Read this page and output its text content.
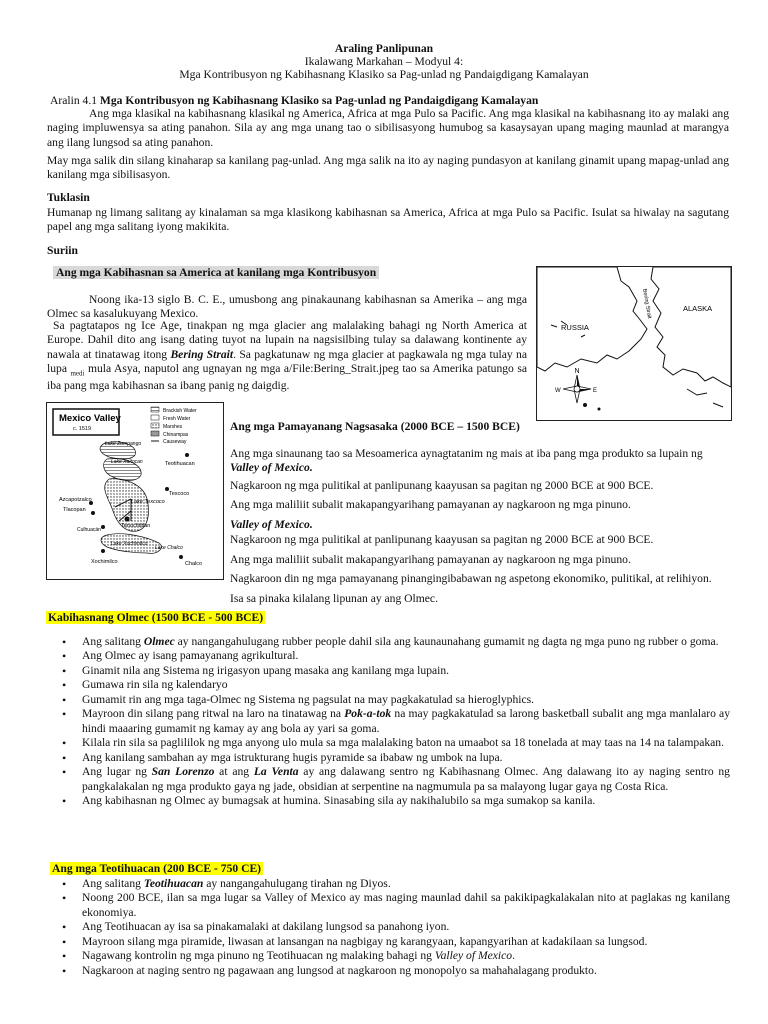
Araling Panlipunan
Ikalawang Markahan – Modyul 4:
Mga Kontribusyon ng Kabihasnang Klasiko sa Pag-unlad ng Pandaigdigang Kamalayan
Aralin 4.1 Mga Kontribusyon ng Kabihasnang Klasiko sa Pag-unlad ng Pandaigdigang Kamalayan

Ang mga klasikal na kabihasnang klasikal ng America, Africa at mga Pulo sa Pacific. Ang mga klasikal na kabihasnang ito ay malaki ang naging impluwensya sa ating panahon. Sila ay ang mga unang tao o sibilisasyong humubog sa kasaysayan upang maging maunlad at marangya ang ilang lungsod sa ating panahon.

May mga salik din silang kinaharap sa kanilang pag-unlad. Ang mga salik na ito ay naging pundasyon at kanilang ginamit upang mapag-unlad ang kanilang mga sibilisasyon.

Tuklasin

Humanap ng limang salitang ay kinalaman sa mga klasikong kabihasnan sa America, Africa at mga Pulo sa Pacific. Isulat sa hiwalay na sagutang papel ang mga salitang iyong makikita.

Suriin
Ang mga Kabihasnan sa America at kanilang mga Kontribusyon

Noong ika-13 siglo B. C. E., umusbong ang pinakaunang kabihasnan sa Amerika – ang mga Olmec sa kasalukuyang Mexico.

Sa pagtatapos ng Ice Age, tinakpan ng mga glacier ang malalaking bahagi ng North America at Europe. Dahil dito ang isang dating tuyot na lupain na nagsisilbing tulay sa dalawang kontinente ay nawala at tinatawag itong Bering Strait. Sa pagkatunaw ng mga glacier at pagkawala ng mga tulay na lupa $_{medi}$ mula Asya, naputol ang ugnayan ng mga a/File:Bering_Strait.jpeg tao sa Amerika patungo sa iba pang mga kabihasnan sa ibang panig ng daigdig.

RUSSIA
ALASKA
Bering Strait
N
W	E
Mexico Valley
c. 1519
Brackish Water
Fresh Water
Marshes
Chinampas
Causeway
Lake Zumpango
Lake Xaltocan	Teotihuacan
Texcoco
Azcapotzalco
Tlacopan
Lake Texcoco
Tenochtitlan
Culhuacán
Lake Xochimilco
Lake Chalco
Xochimilco	Chalco

Ang mga Pamayanang Nagsasaka (2000 BCE – 1500 BCE)

Ang mga sinaunang tao sa Mesoamerica aynagtatanim ng mais at iba pang mga produkto sa lupain ng Valley of Mexico.

Nagkaroon ng mga pulitikal at panlipunang kaayusan sa pagitan ng 2000 BCE at 900 BCE.

Ang mga maliliit subalit makapangyarihang pamayanan ay nagkaroon ng mga pinuno.

Valley of Mexico.

Nagkaroon ng mga pulitikal at panlipunang kaayusan sa pagitan ng 2000 BCE at 900 BCE.

Ang mga maliliit subalit makapangyarihang pamayanan ay nagkaroon ng mga pinuno.

Nagkaroon din ng mga pamayanang pinangingibabawan ng aspetong ekonomiko, pulitikal, at relihiyon.

Isa sa pinaka kilalang lipunan ay ang Olmec.

Kabihasnang Olmec (1500 BCE - 500 BCE)
• Ang salitang Olmec ay nangangahulugang rubber people dahil sila ang kaunaunahang gumamit ng dagta ng mga puno ng rubber o goma.
• Ang Olmec ay isang pamayanang agrikultural.
• Ginamit nila ang Sistema ng irigasyon upang masaka ang kanilang mga lupain.
• Gumawa rin sila ng kalendaryo
• Gumamit rin ang mga taga-Olmec ng Sistema ng pagsulat na may pagkakatulad sa hieroglyphics.
• Mayroon din silang pang ritwal na laro na tinatawag na Pok-a-tok na may pagkakatulad sa larong basketball subalit ang mga manlalaro ay hindi maaaring gumamit ng kamay ay ang bola ay yari sa goma.
• Kilala rin sila sa paglililok ng mga anyong ulo mula sa mga malalaking baton na umaabot sa 18 tonelada at may taas na 14 na talampakan.
• Ang kanilang sambahan ay mga istrukturang hugis pyramide sa ibabaw ng umbok na lupa.
• Ang lugar ng San Lorenzo at ang La Venta ay ang dalawang sentro ng Kabihasnang Olmec. Ang dalawang ito ay naging sentro ng pangkalakalan ng mga produkto gaya ng jade, obsidian at serpentine na nagmumula pa sa malayong lugar gaya ng Costa Rica.
• Ang kabihasnan ng Olmec ay bumagsak at humina. Sinasabing sila ay nakihalubilo sa mga sumakop sa kanila.
Ang mga Teotihuacan (200 BCE - 750 CE)
• Ang salitang Teotihuacan ay nangangahulugang tirahan ng Diyos.
• Noong 200 BCE, ilan sa mga lugar sa Valley of Mexico ay mas naging maunlad dahil sa pakikipagkalakalan nito at paglakas ng kanilang ekonomiya.
• Ang Teotihuacan ay isa sa pinakamalaki at dakilang lungsod sa panahong iyon.
• Mayroon silang mga piramide, liwasan at lansangan na nagbigay ng karangyaan, kapangyarihan at kadakilaan sa lungsod.
• Nagawang kontrolin ng mga pinuno ng Teotihuacan ng malaking bahagi ng Valley of Mexico.
• Nagkaroon at naging sentro ng pagawaan ang lungsod at nagkaroon ng monopolyo sa mahahalagang produkto.
